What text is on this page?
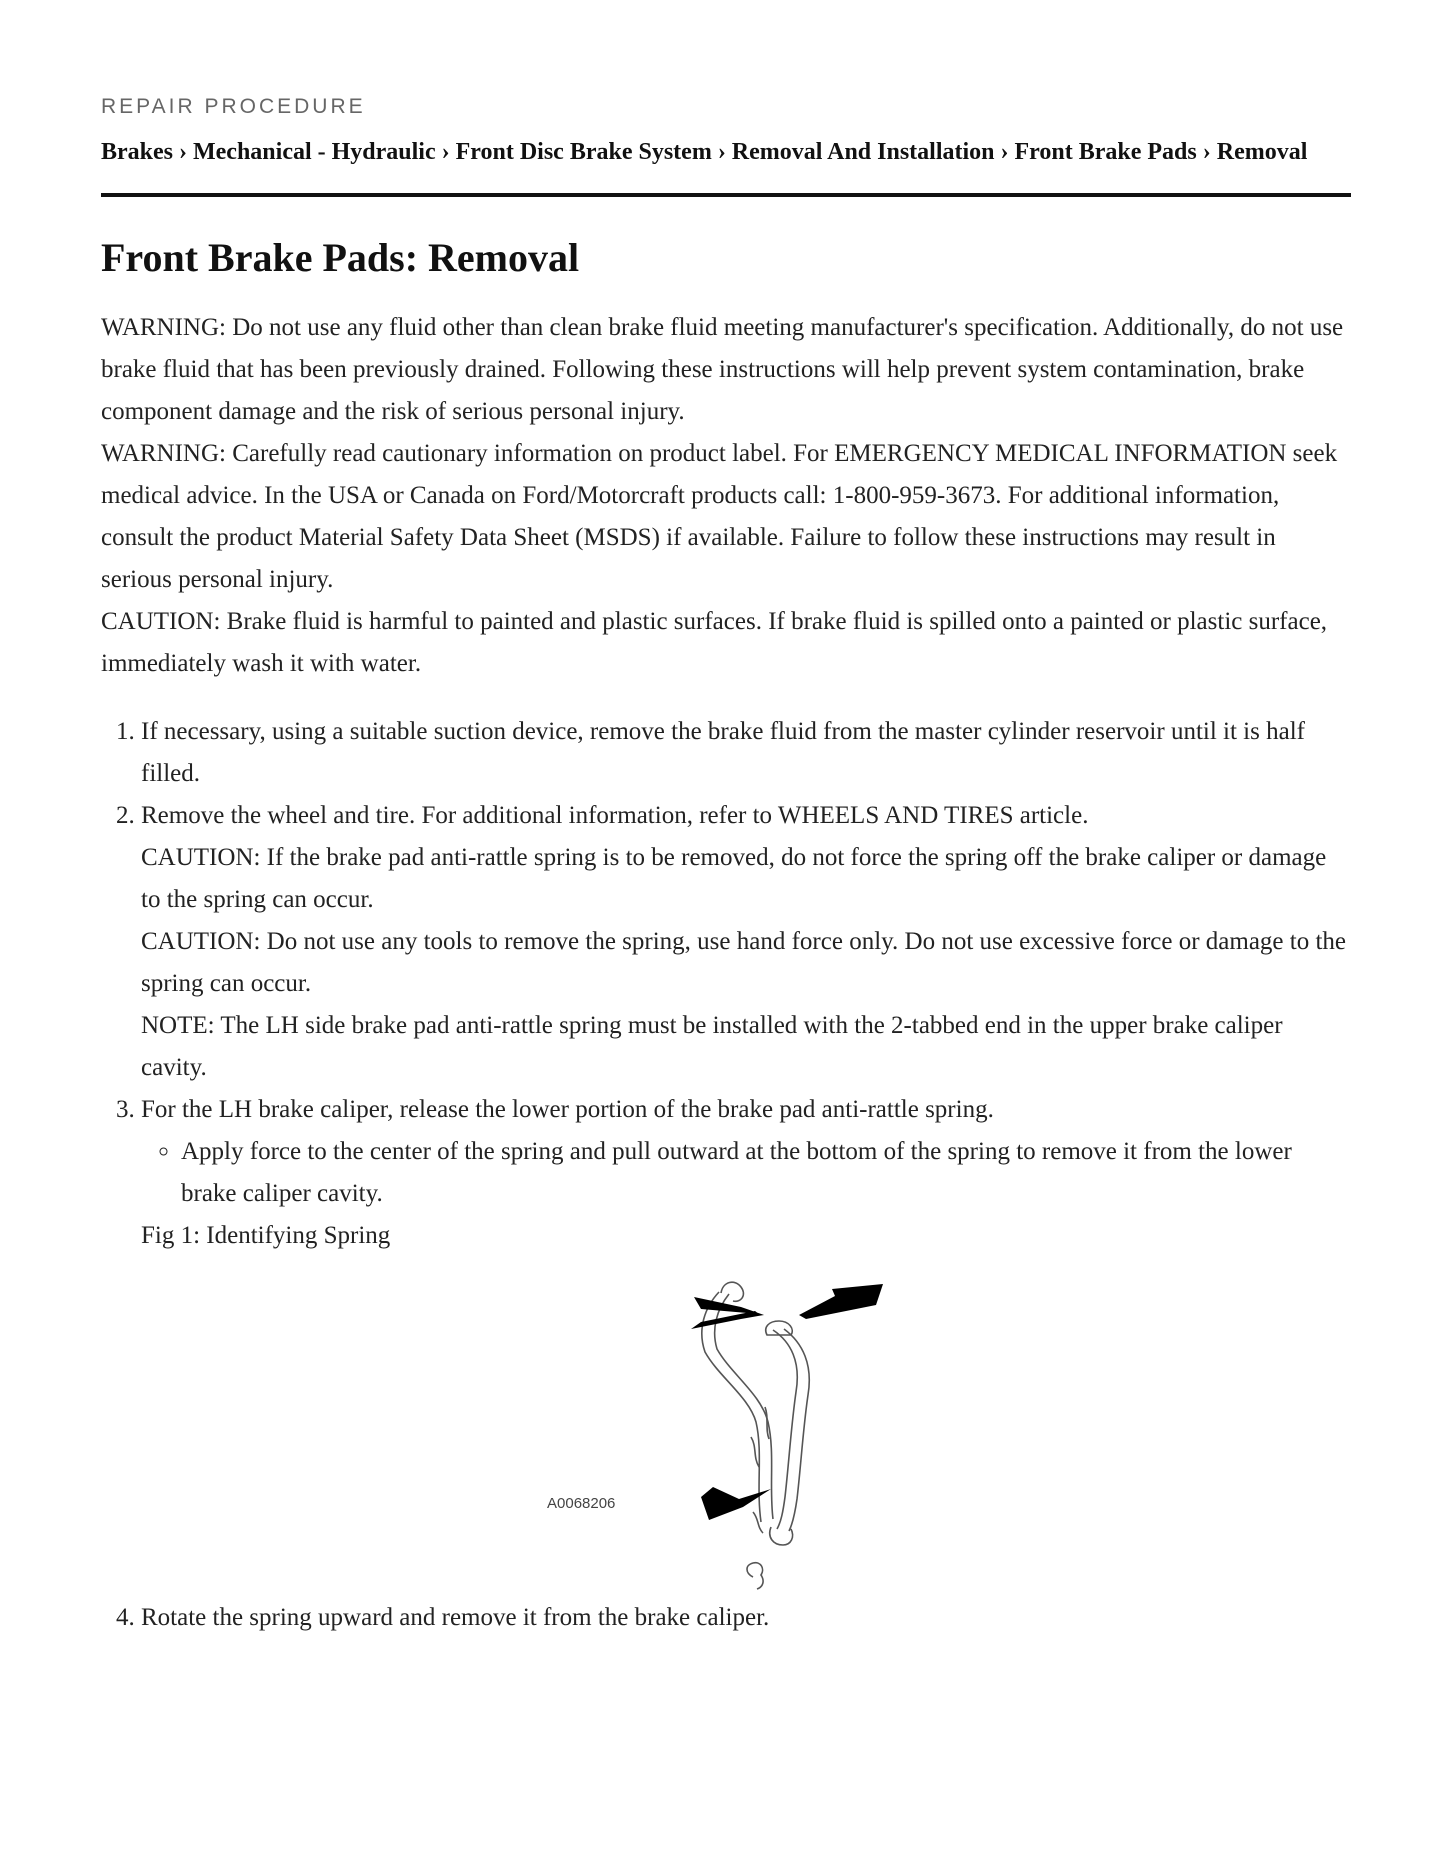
REPAIR PROCEDURE

Brakes › Mechanical - Hydraulic › Front Disc Brake System › Removal And Installation › Front Brake Pads › Removal

Front Brake Pads: Removal

WARNING: Do not use any fluid other than clean brake fluid meeting manufacturer's specification. Additionally, do not use brake fluid that has been previously drained. Following these instructions will help prevent system contamination, brake component damage and the risk of serious personal injury.

WARNING: Carefully read cautionary information on product label. For EMERGENCY MEDICAL INFORMATION seek medical advice. In the USA or Canada on Ford/Motorcraft products call: 1-800-959-3673. For additional information, consult the product Material Safety Data Sheet (MSDS) if available. Failure to follow these instructions may result in serious personal injury.

CAUTION: Brake fluid is harmful to painted and plastic surfaces. If brake fluid is spilled onto a painted or plastic surface, immediately wash it with water.

1. If necessary, using a suitable suction device, remove the brake fluid from the master cylinder reservoir until it is half filled.

2. Remove the wheel and tire. For additional information, refer to WHEELS AND TIRES article.

CAUTION: If the brake pad anti-rattle spring is to be removed, do not force the spring off the brake caliper or damage to the spring can occur.

CAUTION: Do not use any tools to remove the spring, use hand force only. Do not use excessive force or damage to the spring can occur.

NOTE: The LH side brake pad anti-rattle spring must be installed with the 2-tabbed end in the upper brake caliper cavity.

3. For the LH brake caliper, release the lower portion of the brake pad anti-rattle spring.

◦ Apply force to the center of the spring and pull outward at the bottom of the spring to remove it from the lower brake caliper cavity.

Fig 1: Identifying Spring

A0068206
4. Rotate the spring upward and remove it from the brake caliper.
